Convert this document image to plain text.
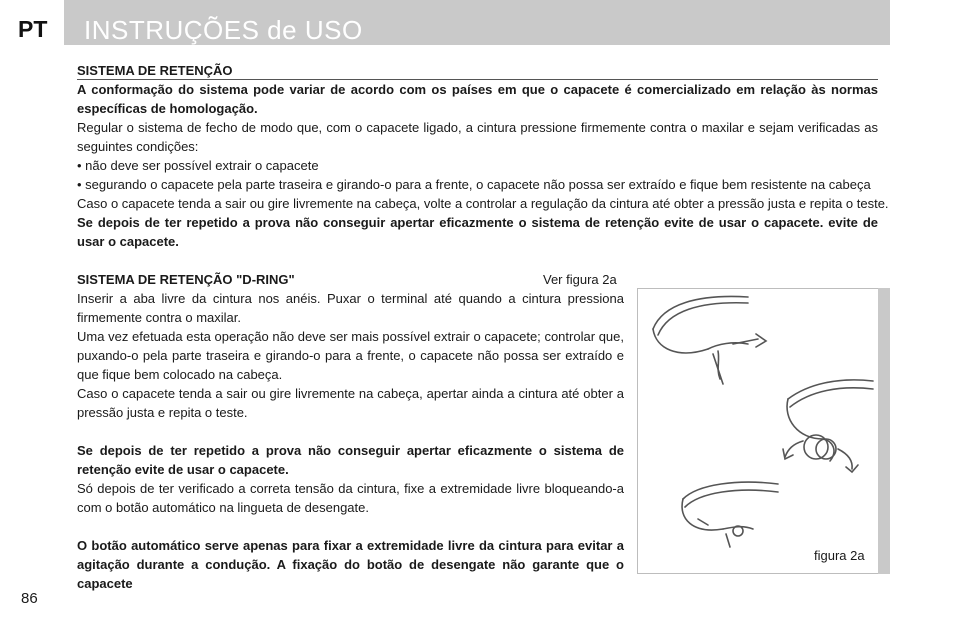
PT INSTRUÇÕES de USO

SISTEMA DE RETENÇÃO

A conformação do sistema pode variar de acordo com os países em que o capacete é comercializado em relação às normas específicas de homologação.

Regular o sistema de fecho de modo que, com o capacete ligado, a cintura pressione firmemente contra o maxilar e sejam verificadas as seguintes condições:

• não deve ser possível extrair o capacete

• segurando o capacete pela parte traseira e girando-o para a frente, o capacete não possa ser extraído e fique bem resistente na cabeça

Caso o capacete tenda a sair ou gire livremente na cabeça, volte a controlar a regulação da cintura até obter a pressão justa e repita o teste.

Se depois de ter repetido a prova não conseguir apertar eficazmente o sistema de retenção evite de usar o capacete. evite de usar o capacete.

SISTEMA DE RETENÇÃO "D-RING"	Ver figura 2a

Inserir a aba livre da cintura nos anéis. Puxar o terminal até quando a cintura pressiona firmemente contra o maxilar.

Uma vez efetuada esta operação não deve ser mais possível extrair o capacete; controlar que, puxando-o pela parte traseira e girando-o para a frente, o capacete não possa ser extraído e que fique bem colocado na cabeça.

Caso o capacete tenda a sair ou gire livremente na cabeça, apertar ainda a cintura até obter a pressão justa e repita o teste.

Se depois de ter repetido a prova não conseguir apertar eficazmente o sistema de retenção evite de usar o capacete.

Só depois de ter verificado a correta tensão da cintura, fixe a extremidade livre bloqueando-a com o botão automático na lingueta de desengate.

O botão automático serve apenas para fixar a extremidade livre da cintura para evitar a agitação durante a condução. A fixação do botão de desengate não garante que o capacete

figura 2a
86
